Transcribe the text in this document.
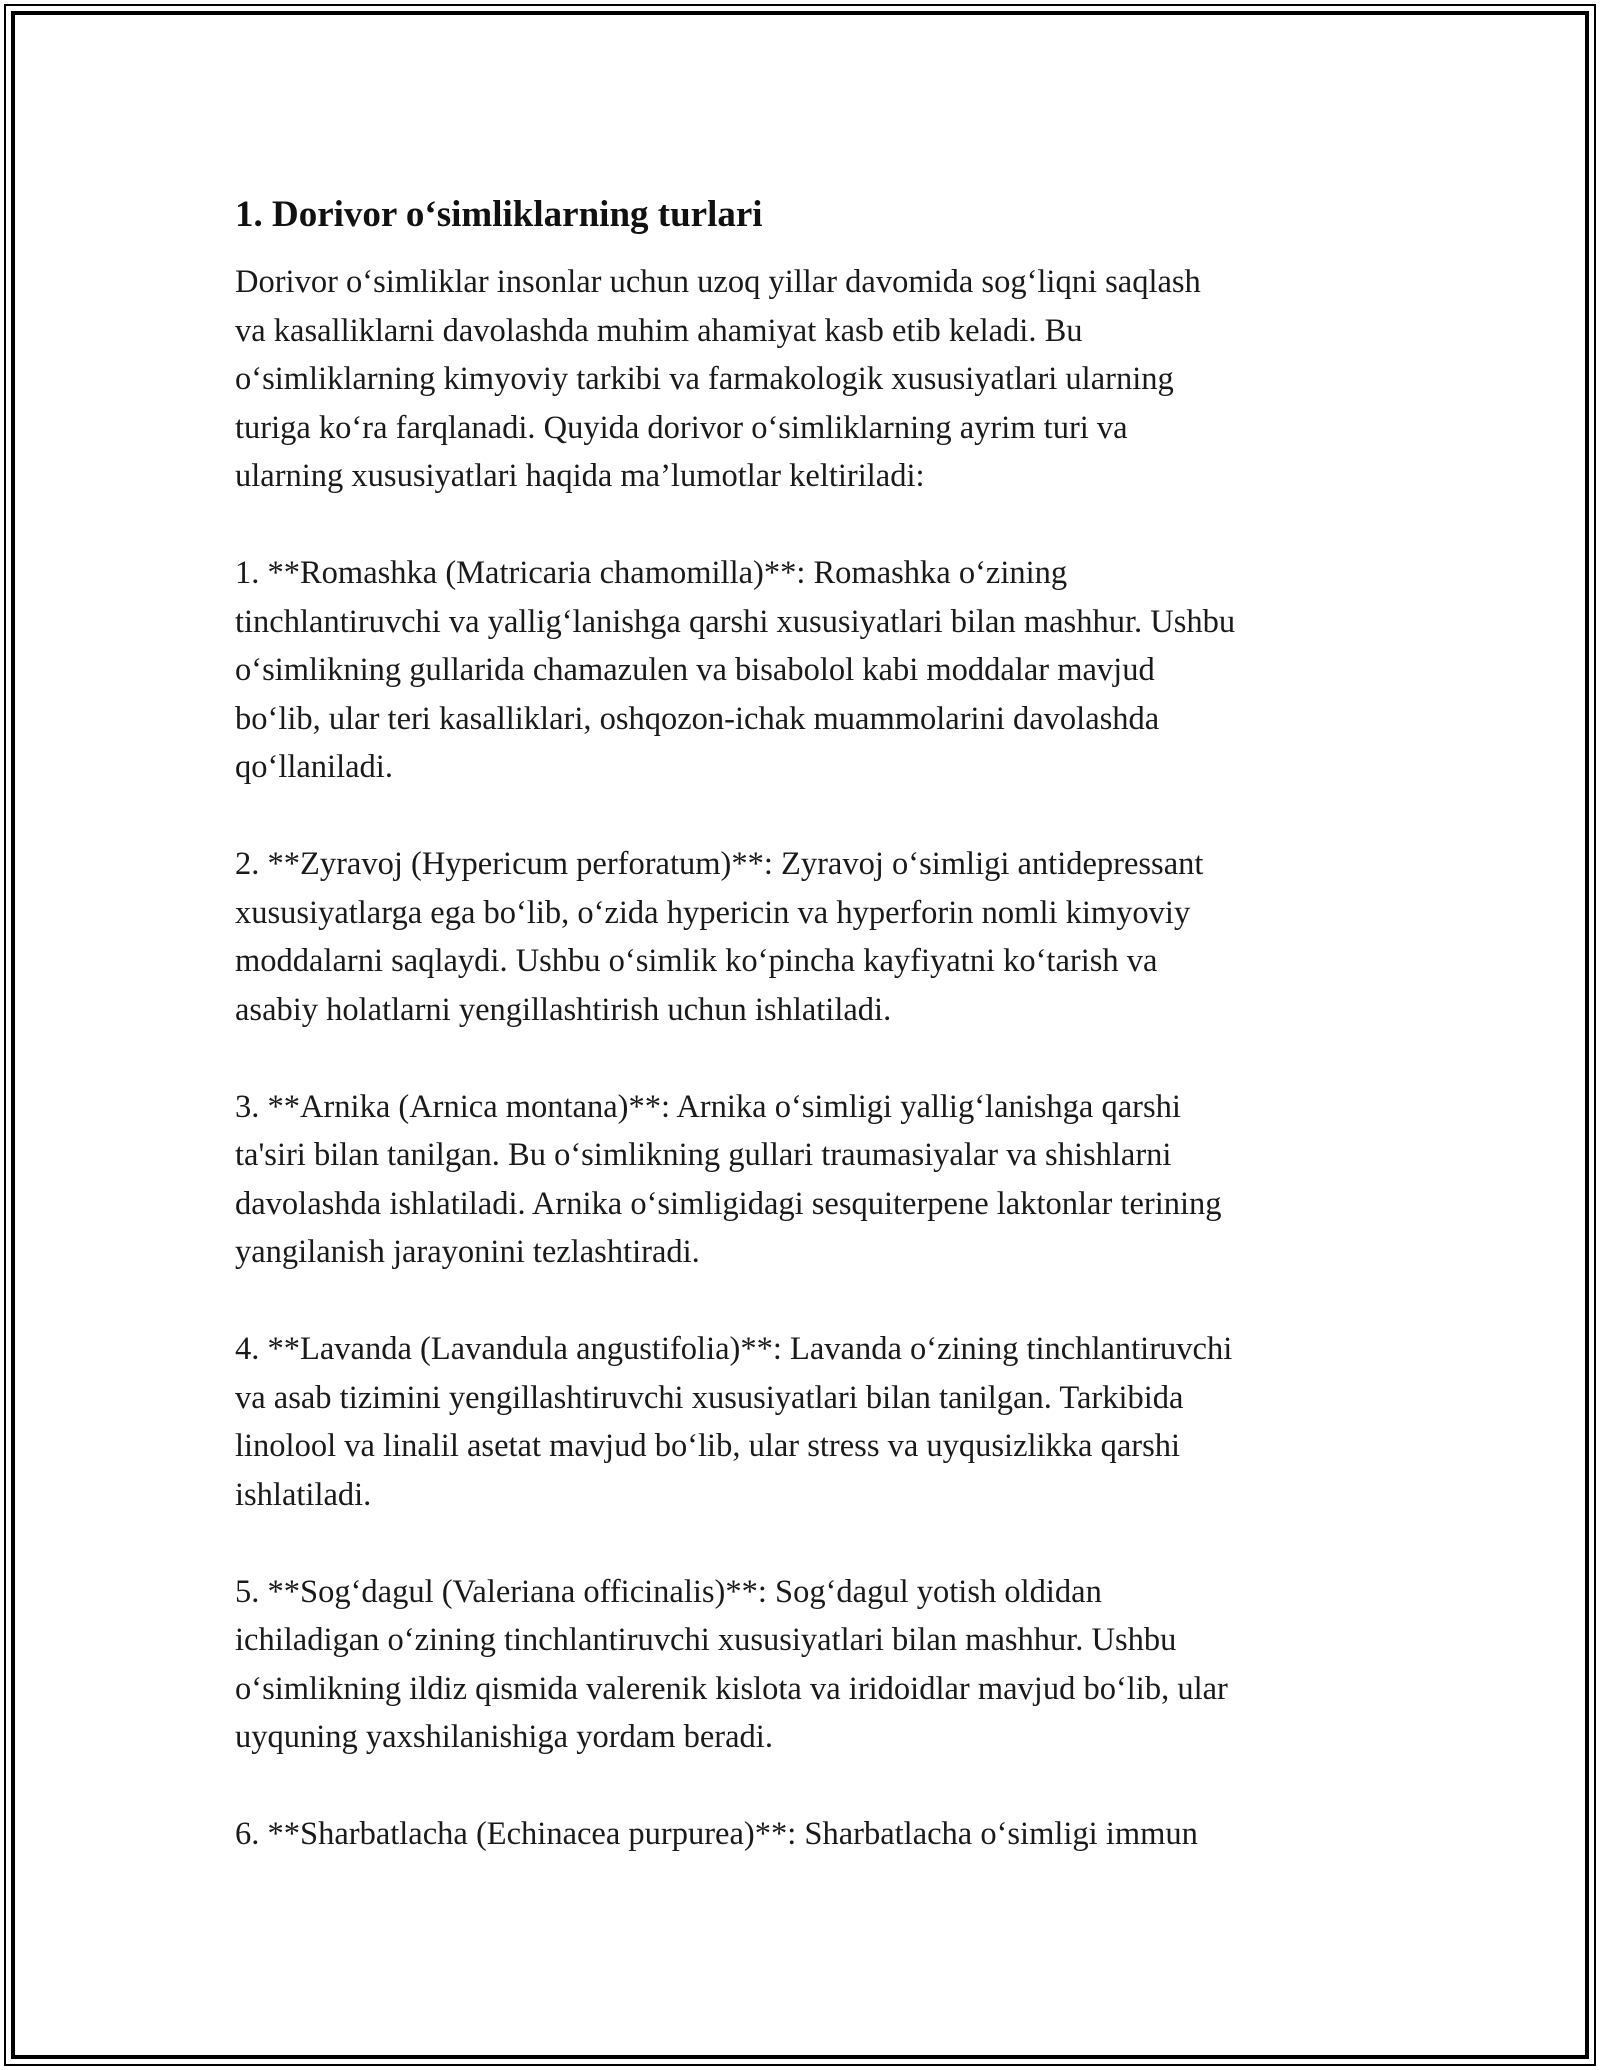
1. Dorivor o‘simliklarning turlari
Dorivor o‘simliklar insonlar uchun uzoq yillar davomida sog‘liqni saqlash
va kasalliklarni davolashda muhim ahamiyat kasb etib keladi. Bu
o‘simliklarning kimyoviy tarkibi va farmakologik xususiyatlari ularning
turiga ko‘ra farqlanadi. Quyida dorivor o‘simliklarning ayrim turi va
ularning xususiyatlari haqida ma’lumotlar keltiriladi:
1. **Romashka (Matricaria chamomilla)**: Romashka o‘zining
tinchlantiruvchi va yallig‘lanishga qarshi xususiyatlari bilan mashhur. Ushbu
o‘simlikning gullarida chamazulen va bisabolol kabi moddalar mavjud
bo‘lib, ular teri kasalliklari, oshqozon-ichak muammolarini davolashda
qo‘llaniladi.
2. **Zyravoj (Hypericum perforatum)**: Zyravoj o‘simligi antidepressant
xususiyatlarga ega bo‘lib, o‘zida hypericin va hyperforin nomli kimyoviy
moddalarni saqlaydi. Ushbu o‘simlik ko‘pincha kayfiyatni ko‘tarish va
asabiy holatlarni yengillashtirish uchun ishlatiladi.
3. **Arnika (Arnica montana)**: Arnika o‘simligi yallig‘lanishga qarshi
ta'siri bilan tanilgan. Bu o‘simlikning gullari traumasiyalar va shishlarni
davolashda ishlatiladi. Arnika o‘simligidagi sesquiterpene laktonlar terining
yangilanish jarayonini tezlashtiradi.
4. **Lavanda (Lavandula angustifolia)**: Lavanda o‘zining tinchlantiruvchi
va asab tizimini yengillashtiruvchi xususiyatlari bilan tanilgan. Tarkibida
linolool va linalil asetat mavjud bo‘lib, ular stress va uyqusizlikka qarshi
ishlatiladi.
5. **Sog‘dagul (Valeriana officinalis)**: Sog‘dagul yotish oldidan
ichiladigan o‘zining tinchlantiruvchi xususiyatlari bilan mashhur. Ushbu
o‘simlikning ildiz qismida valerenik kislota va iridoidlar mavjud bo‘lib, ular
uyquning yaxshilanishiga yordam beradi.
6. **Sharbatlacha (Echinacea purpurea)**: Sharbatlacha o‘simligi immun
